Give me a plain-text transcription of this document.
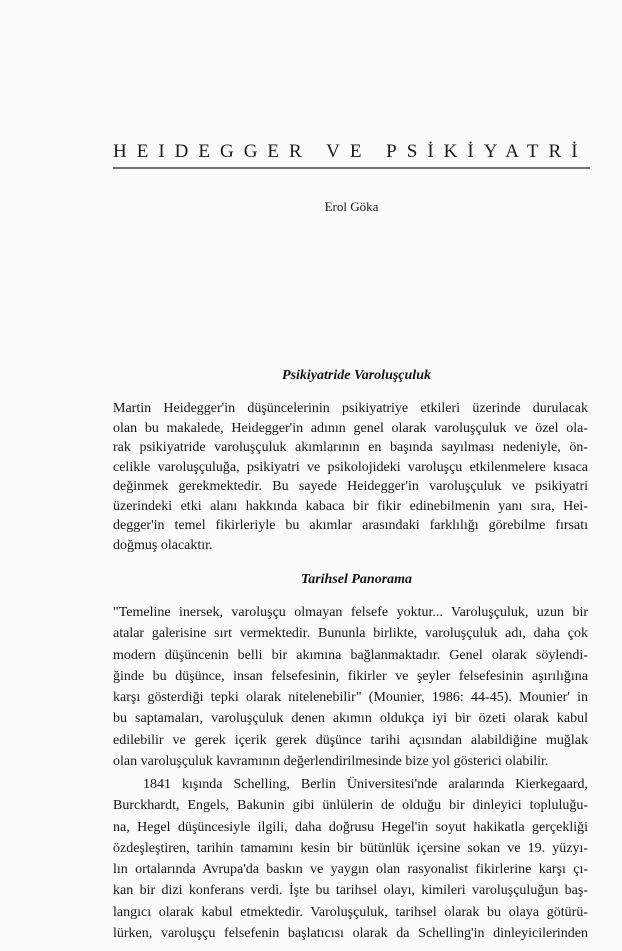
HEIDEGGER VE PSİKİYATRİ
Erol Göka
Psikiyatride Varoluşçuluk
Martin Heidegger'in düşüncelerinin psikiyatriye etkileri üzerinde durulacak
olan bu makalede, Heidegger'in adının genel olarak varoluşçuluk ve özel ola-
rak psikiyatride varoluşçuluk akımlarının en başında sayılması nedeniyle, ön-
celikle varoluşçuluğa, psikiyatri ve psikolojideki varoluşçu etkilenmelere kısaca
değinmek gerekmektedir. Bu sayede Heidegger'in varoluşçuluk ve psikiyatri
üzerindeki etki alanı hakkında kabaca bir fikir edinebilmenin yanı sıra, Hei-
degger'in temel fikirleriyle bu akımlar arasındaki farklılığı görebilme fırsatı
doğmuş olacaktır.
Tarihsel Panorama
"Temeline inersek, varoluşçu olmayan felsefe yoktur... Varoluşçuluk, uzun bir
atalar galerisine sırt vermektedir. Bununla birlikte, varoluşçuluk adı, daha çok
modern düşüncenin belli bir akımına bağlanmaktadır. Genel olarak söylendi-
ğinde bu düşünce, insan felsefesinin, fikirler ve şeyler felsefesinin aşırılığına
karşı gösterdiği tepki olarak nitelenebilir" (Mounier, 1986: 44-45). Mounier' in
bu saptamaları, varoluşçuluk denen akımın oldukça iyi bir özeti olarak kabul
edilebilir ve gerek içerik gerek düşünce tarihi açısından alabildiğine muğlak
olan varoluşçuluk kavramının değerlendirilmesinde bize yol gösterici olabilir.
1841 kışında Schelling, Berlin Üniversitesi'nde aralarında Kierkegaard,
Burckhardt, Engels, Bakunin gibi ünlülerin de olduğu bir dinleyici topluluğu-
na, Hegel düşüncesiyle ilgili, daha doğrusu Hegel'in soyut hakikatla gerçekliği
özdeşleştiren, tarihin tamamını kesin bir bütünlük içersine sokan ve 19. yüzyı-
lın ortalarında Avrupa'da baskın ve yaygın olan rasyonalist fikirlerine karşı çı-
kan bir dizi konferans verdi. İşte bu tarihsel olayı, kimileri varoluşçuluğun baş-
langıcı olarak kabul etmektedir. Varoluşçuluk, tarihsel olarak bu olaya götürü-
lürken, varoluşçu felsefenin başlatıcısı olarak da Schelling'in dinleyicilerinden
